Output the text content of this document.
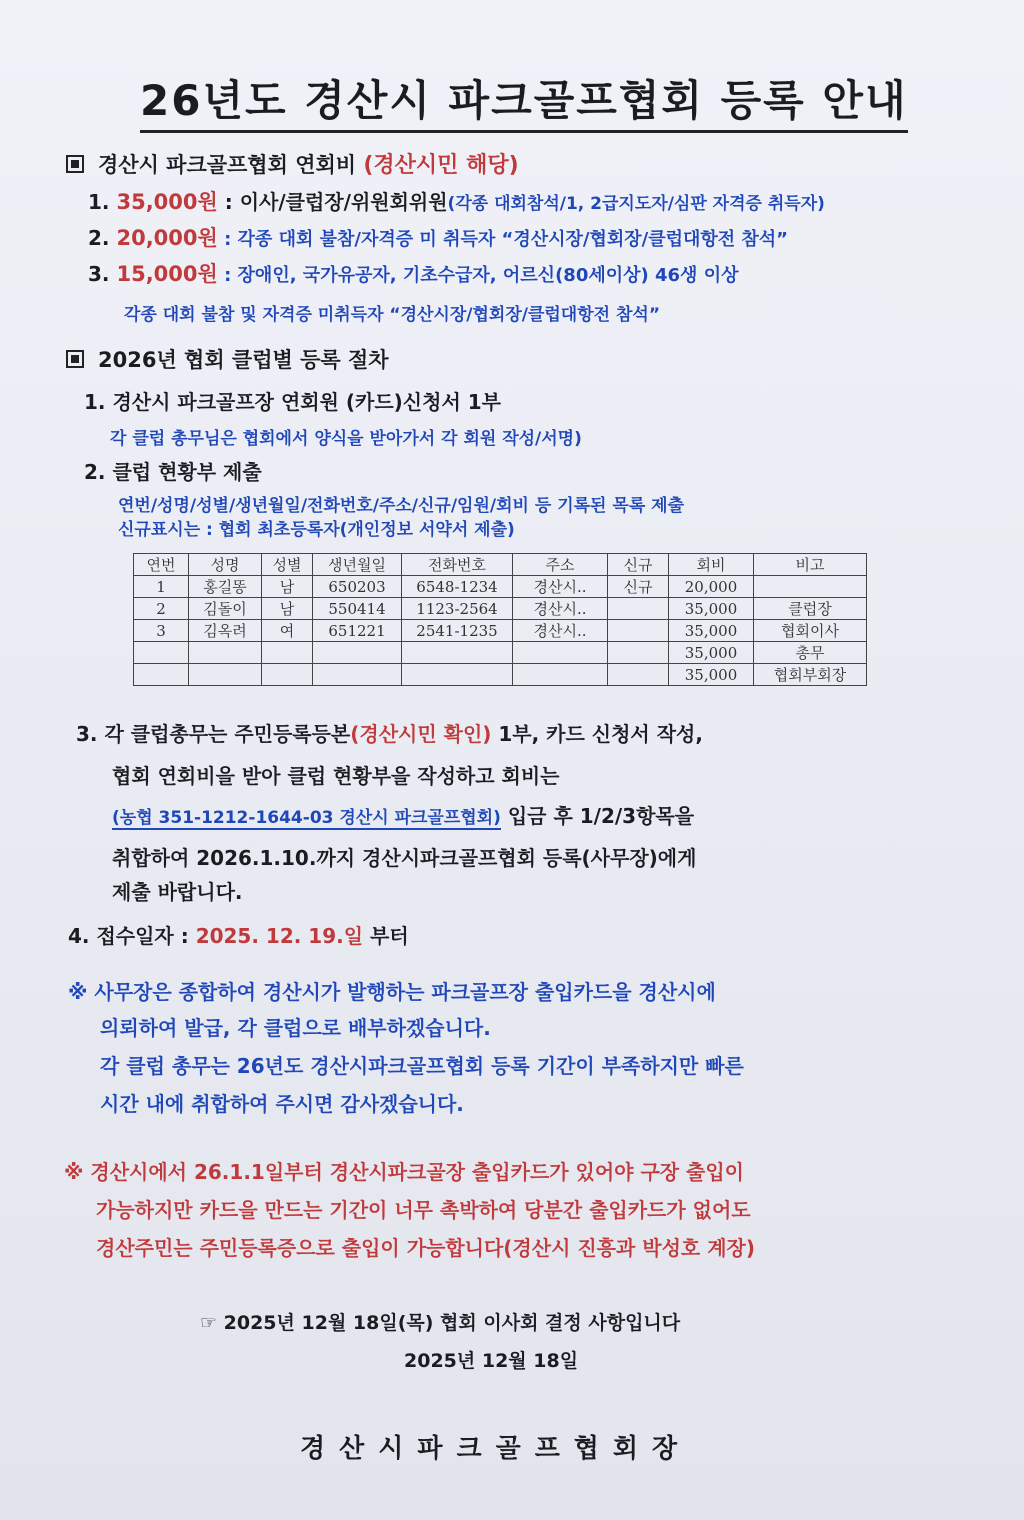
26년도 경산시 파크골프협회 등록 안내
경산시 파크골프협회 연회비 (경산시민 해당)
1. 35,000원 : 이사/클럽장/위원회위원(각종 대회참석/1, 2급지도자/심판 자격증 취득자)
2. 20,000원 : 각종 대회 불참/자격증 미 취득자 “경산시장/협회장/클럽대항전 참석”
3. 15,000원 : 장애인, 국가유공자, 기초수급자, 어르신(80세이상) 46생 이상
각종 대회 불참 및 자격증 미취득자 “경산시장/협회장/클럽대항전 참석”
2026년 협회 클럽별 등록 절차
1. 경산시 파크골프장 연회원 (카드)신청서 1부
각 클럽 총무님은 협회에서 양식을 받아가서 각 회원 작성/서명)
2. 클럽 현황부 제출
연번/성명/성별/생년월일/전화번호/주소/신규/임원/회비 등 기록된 목록 제출
신규표시는 : 협회 최초등록자(개인정보 서약서 제출)
연번	성명	성별	생년월일	전화번호	주소	신규	회비	비고
1	홍길똥	남	650203	6548-1234	경산시..	신규	20,000	
2	김돌이	남	550414	1123-2564	경산시..		35,000	클럽장
3	김옥려	여	651221	2541-1235	경산시..		35,000	협회이사
							35,000	총무
							35,000	협회부회장
3. 각 클럽총무는 주민등록등본(경산시민 확인) 1부, 카드 신청서 작성,
협회 연회비을 받아 클럽 현황부을 작성하고 회비는
(농협 351-1212-1644-03 경산시 파크골프협회) 입금 후 1/2/3항목을
취합하여 2026.1.10.까지 경산시파크골프협회 등록(사무장)에게
제출 바랍니다.
4. 접수일자 : 2025. 12. 19.일 부터
※ 사무장은 종합하여 경산시가 발행하는 파크골프장 출입카드을 경산시에
의뢰하여 발급, 각 클럽으로 배부하겠습니다.
각 클럽 총무는 26년도 경산시파크골프협회 등록 기간이 부족하지만 빠른
시간 내에 취합하여 주시면 감사겠습니다.
※ 경산시에서 26.1.1일부터 경산시파크골장 출입카드가 있어야 구장 출입이
가능하지만 카드을 만드는 기간이 너무 촉박하여 당분간 출입카드가 없어도
경산주민는 주민등록증으로 출입이 가능합니다(경산시 진흥과 박성호 계장)
☞ 2025년 12월 18일(목) 협회 이사회 결정 사항입니다
2025년 12월 18일
경산시파크골프협회장
